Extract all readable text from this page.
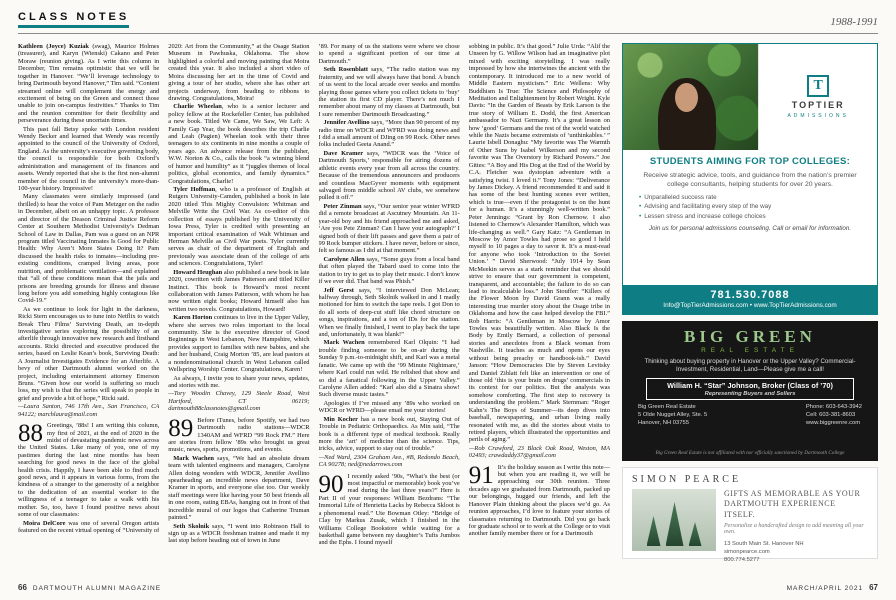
CLASS NOTES	1988-1991

Kathleen (Joyce) Kuziak (swag), Maurice Holmes (treasurer), and Karyn (Wienski) Cakano and Peter Moraw (reunion giving). As I write this column in December, Tim remains optimistic that we will be together in Hanover. “We’ll leverage technology to bring Dartmouth beyond Hanover,” Tim said. “Content streamed online will complement the energy and excitement of being on the Green and connect those unable to join on-campus festivities.” Thanks to Tim and the reunion committee for their flexibility and perseverance during these uncertain times.

This past fall Betsy spoke with London resident Wendy Becker and learned that Wendy was recently appointed to the council of the University of Oxford, England. As the university’s executive governing body, the council is responsible for both Oxford’s administration and management of its finances and assets. Wendy reported that she is the first non-alumni member of the council in the university’s more-than-100-year history. Impressive!

Many classmates were similarly impressed (and thrilled) to hear the voice of Pam Metzger on the radio in December, albeit on an unhappy topic. A professor and director of the Deason Criminal Justice Reform Center at Southern Methodist University’s Dedman School of Law in Dallas, Pam was a guest on an NPR program titled Vaccinating Inmates Is Good for Public Health: Why Aren’t More States Doing It? Pam discussed the health risks to inmates—including pre-existing conditions, cramped living areas, poor nutrition, and problematic ventilation—and explained that “all of these conditions mean that the jails and prisons are breeding grounds for illness and disease long before you add something highly contagious like Covid-19.”

As we continue to look for light in the darkness, Ricki Stern encourages us to tune into Netflix to watch Break Thru Films’ Surviving Death, an in-depth investigative series exploring the possibility of an afterlife through innovative new research and firsthand accounts. Ricki directed and executive produced the series, based on Leslie Kean’s book, Surviving Death: A Journalist Investigates Evidence for an Afterlife. A bevy of other Dartmouth alumni worked on the project, including entertainment attorney Emerson Bruns. “Given how our world is suffering so much loss, my wish is that the series will speak to people in grief and provide a bit of hope,” Ricki said.

—Laura Santon, 746 17th Ave., San Francisco, CA 94122; marchlaura@mail.com

88 Greetings, ’88s! I am writing this column, my first of 2021, at the end of 2020 in the midst of devastating pandemic news across the United States. Like many of you, one of my pastimes during the last nine months has been searching for good news in the face of the global health crisis. Happily, I have been able to find much good news, and it appears in various forms, from the kindness of a stranger to the generosity of a neighbor to the dedication of an essential worker to the willingness of a teenager to take a walk with his mother. So, too, have I found positive news about some of our classmates:

Moira DelCore was one of several Oregon artists featured on the recent virtual opening of “University of

2020: Art from the Community,” at the Osage Station Museum in Pawhuska, Oklahoma. The show highlighted a colorful and moving painting that Moira created this year. It also included a short video of Moira discussing her art in the time of Covid and giving a tour of her studio, where she has other art projects underway, from beading to ribbons to drawing. Congratulations, Moira!

Charlie Wheelan, who is a senior lecturer and policy fellow at the Rockefeller Center, has published a new book. Titled We Came, We Saw, We Left: A Family Gap Year, the book describes the trip Charlie and Leah (Pagien) Wheelan took with their three teenagers to six continents in nine months a couple of years ago. An advance release from the publisher, W.W. Norton & Co., calls the book “a winning blend of humor and humility” as it “juggles themes of local politics, global economics, and family dynamics.” Congratulations, Charlie!

Tyler Hoffman, who is a professor of English at Rutgers University-Camden, published a book in late 2020 titled This Mighty Convulsion: Whitman and Melville Write the Civil War. As co-editor of this collection of essays published by the University of Iowa Press, Tyler is credited with presenting an important critical examination of Walt Whitman and Herman Melville as Civil War poets. Tyler currently serves as chair of the department of English and previously was associate dean of the college of arts and sciences. Congratulations, Tyler!

Howard Heughan also published a new book in late 2020, cowritten with James Patterson and titled Killer Instinct. This book is Howard’s most recent collaboration with James Patterson, with whom he has now written eight books; Howard himself also has written two novels. Congratulations, Howard!

Karen Horton continues to live in the Upper Valley, where she serves two roles important to the local community. She is the executive director of Good Beginnings in West Lebanon, New Hampshire, which provides support to families with new babies, and she and her husband, Craig Morton ’85, are lead pastors at a nondenominational church in West Lebanon called Wellspring Worship Center. Congratulations, Karen!

As always, I invite you to share your news, updates, and stories with me.

—Tory Woodin Chavey, 129 Steele Road, West Hartford, CT 06119; dartmouth88classnotes@gmail.com

89 Before iTunes, before Spotify, we had two Dartmouth radio stations—WDCR 1340AM and WFRD “99 Rock FM.” Here are stories from fellow ’89s who brought us great music, news, sports, promotions, and events.

Mark Wachen says, “We had an absolute dream team with talented engineers and managers, Carolyne Allen doing wonders with WDCR, Jennifer Avellino spearheading an incredible news department, Dave Kramer in sports, and everyone else too. Our weekly staff meetings were like having your 50 best friends all in one room, eating EBAs, hanging out in front of that incredible mural of our logos that Catherine Truman painted.”

Seth Skolnik says, “I went into Robinson Hall to sign up as a WDCR freshman trainee and made it my last stop before heading out of town in June

’89. For many of us the stations were where we chose to spend a significant portion of our time at Dartmouth.”

Seth Rosenblatt says, “The radio station was my fraternity, and we will always have that bond. A bunch of us went to the local arcade over weeks and months playing those games where you collect tickets to ‘buy’ the station its first CD player. There’s not much I remember about many of my classes at Dartmouth, but I sure remember Dartmouth Broadcasting.”

Jennifer Avellino says, “More than 90 percent of my radio time on WDCR and WFRD was doing news and I did a small amount of DJing on 99 Rock. Other news folks included Geeta Anand.”

Dave Kramer says, “WDCR was the ‘Voice of Dartmouth Sports,’ responsible for airing dozens of athletic events every year from all across the country. Because of the tremendous announcers and producers and countless MacGyver moments with equipment salvaged from middle school AV clubs, we somehow pulled it off.”

Peter Zinman says, “Our senior year winter WFRD did a remote broadcast at Ascutney Mountain. An 11-year-old boy and his friend approached me and asked, ‘Are you Pete Zinman? Can I have your autograph?’ I signed both of their lift passes and gave them a pair of 99 Rock bumper stickers. I have never, before or since, felt so famous as I did at that moment.”

Carolyne Allen says, “Some guys from a local band that often played the Tabard used to come into the station to try to get us to play their music. I don’t know if we ever did. That band was Phish.”

Jeff Gerst says, “I interviewed Don McLean; halfway through, Seth Skolnik walked in and I madly motioned for him to switch the tape reels. I got Don to do all sorts of deep-cut stuff like chord structure on songs, inspirations, and a ton of IDs for the station. When we finally finished, I went to play back the tape and, unfortunately, it was blank!”

Mark Wachen remembered Karl Olquin: “I had trouble finding someone to be on-air during the Sunday 9 p.m.-to-midnight shift, and Karl was a metal fanatic. We came up with the ‘99 Minute Nightmare,’ where Karl could run wild. He relished that show and so did a fanatical following in the Upper Valley.” Carolyne Allen added: “Karl also did a Sinatra show! Such diverse music tastes.”

Apologies if I’ve missed any ’89s who worked on WDCR or WFRD—please email me your stories!

Min Kocher has a new book out, Staying Out of Trouble in Pediatric Orthopaedics. As Min said, “The book is a different type of medical textbook. Really more the ‘art’ of medicine than the science. Tips, tricks, advice, support to stay out of trouble.”

—Ned Ward, 2304 Graham Ave., #B, Redondo Beach, CA 90278; ned@nedarrows.com

90 I recently asked ’90s, “What’s the best (or most impactful or memorable) book you’ve read during the last three years?” Here is Part II of your responses: William Bezdrans: “The Immortal Life of Henrietta Lacks by Rebecca Skloot is a phenomenal read.” Ute Bowman Otley: “Bridge of Clay by Markus Zusak, which I finished in the Williams College Bookstore while waiting for a basketball game between my daughter’s Tufts Jumbos and the Ephs. I found myself

sobbing in public. It’s that good.” Julie Urda: “Alif the Unseen by G. Willow Wilson had an imaginative plot mixed with exciting storytelling. I was really impressed by how she intertwines the ancient with the contemporary. It introduced me to a new world of Middle Eastern mysticism.” Eric Wellens: Why Buddhism Is True: The Science and Philosophy of Meditation and Enlightenment by Robert Wright. Kyle Davis: “In the Garden of Beasts by Erik Larson is the true story of William E. Dodd, the first American ambassador to Nazi Germany. It’s a great lesson on how ‘good’ Germans and the rest of the world watched while the Nazis became extremists of ‘unthinkables.’ ” Laurie Isbell Donaghu: “My favorite was The Warmth of Other Suns by Isabel Wilkerson and my second favorite was The Overstory by Richard Powers.” Joe Gittes: “A Boy and His Dog at the End of the World by C.A. Fletcher was dystopian adventure with a satisfying twist. I loved it.” Tony Jones: “Deliverance by James Dickey. A friend recommended it and said it has some of the best hunting scenes ever written, which is true—even if the protagonist is on the hunt for a human. It’s a stunningly well-written book.” Peter Jennings: “Grant by Ron Chernow. I also listened to Chernow’s Alexander Hamilton, which was life-changing as well.” Gary Katz: “A Gentleman in Moscow by Amor Towles had prose so good I held myself to 10 pages a day to savor it. It’s a must-read for anyone who took ‘Introduction to the Soviet Union.’ ” David Sherwood: “July 1914 by Sean McMeekin serves as a stark reminder that we should strive to ensure that our government is competent, transparent, and accountable; the failure to do so can lead to incalculable loss.” John Stouffer: “Killers of the Flower Moon by David Grann was a really interesting true murder story about the Osage tribe in Oklahoma and how the case helped develop the FBI.” Rob Harris: “A Gentleman in Moscow by Amor Towles was beautifully written. Also Black Is the Body by Emily Bernard, a collection of personal stories and anecdotes from a Black woman from Nashville. It teaches as much and opens our eyes without being preachy or handbook-ish.” David Janson: “How Democracies Die by Steven Levitsky and Daniel Ziblatt felt like an intervention or one of those old ‘this is your brain on drugs’ commercials in its context for our politics. But the analysis was somehow comforting. The first step to recovery is understanding the problem.” Mark Sternman: “Roger Kahn’s The Boys of Summer—its deep dives into baseball, newspapering, and urban living really resonated with me, as did the stories about visits to retired players, which illustrated the opportunities and perils of aging.”

—Rob Crawford, 23 Black Oak Road, Weston, MA 02493; crawdaddy37@gmail.com

91 It’s the holiday season as I write this note—but when you are reading it, we will be approaching our 30th reunion. Three decades ago we graduated from Dartmouth, packed up our belongings, hugged our friends, and left the Hanover Plain thinking about the places we’d go. As reunion approaches, I’d love to feature your stories of classmates returning to Dartmouth. Did you go back for graduate school or to work at the College or to visit another family member there or for a Dartmouth

T
TOPTIER
ADMISSIONS
STUDENTS AIMING FOR TOP COLLEGES:
Receive strategic advice, tools, and guidance from the nation’s premier college consultants, helping students for over 20 years.
• Unparalleled success rate
• Advising and facilitating every step of the way
• Lessen stress and increase college choices
Join us for personal admissions counseling. Call or email for information.
781.530.7088
Info@TopTierAdmissions.com • www.TopTierAdmissions.com
BIG GREEN
REAL ESTATE
Thinking about buying property in Hanover or the Upper Valley? Commercial-Investment, Residential, Land—Please give me a call!
William H. “Star” Johnson, Broker (Class of ’70)
Representing Buyers and Sellers
Big Green Real Estate
5 Olde Nugget Alley, Ste. 5
Hanover, NH 03755
Phone: 603-643-3942
Cell: 603-381-8603
www.biggreenre.com
Big Green Real Estate is not affiliated with nor officially sanctioned by Dartmouth College
SIMON PEARCE
GIFTS AS MEMORABLE AS YOUR DARTMOUTH EXPERIENCE ITSELF.
Personalize a handcrafted design to add meaning all your own.
13 South Main St. Hanover NH
simonpearce.com
800.774.5277
66 DARTMOUTH ALUMNI MAGAZINE	MARCH/APRIL 2021 67
